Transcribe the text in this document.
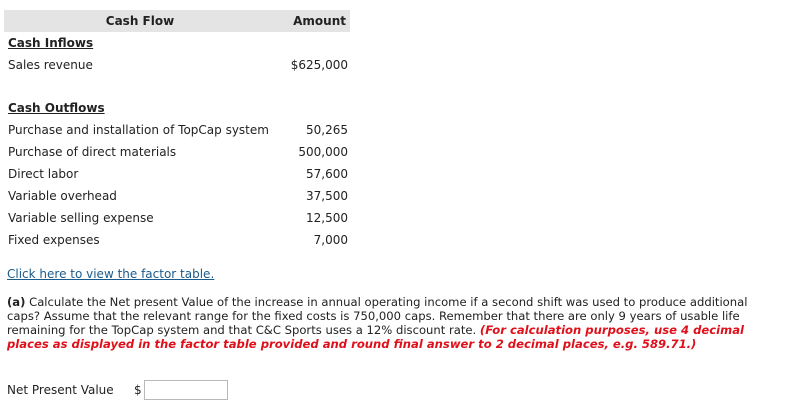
Cash Flow	Amount
Cash Inflows
Sales revenue	$625,000
Cash Outflows
Purchase and installation of TopCap system	50,265
Purchase of direct materials	500,000
Direct labor	57,600
Variable overhead	37,500
Variable selling expense	12,500
Fixed expenses	7,000
Click here to view the factor table.
(a) Calculate the Net present Value of the increase in annual operating income if a second shift was used to produce additional caps? Assume that the relevant range for the fixed costs is 750,000 caps. Remember that there are only 9 years of usable life remaining for the TopCap system and that C&C Sports uses a 12% discount rate. (For calculation purposes, use 4 decimal places as displayed in the factor table provided and round final answer to 2 decimal places, e.g. 589.71.)
Net Present Value	$
